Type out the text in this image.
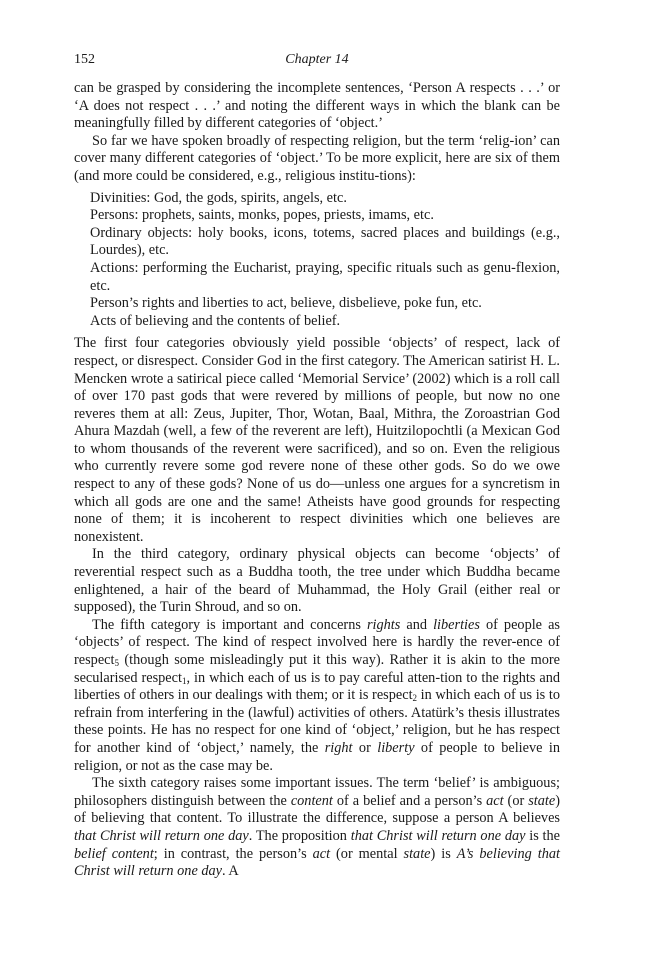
152	Chapter 14

can be grasped by considering the incomplete sentences, ‘Person A respects . . .’ or ‘A does not respect . . .’ and noting the different ways in which the blank can be meaningfully filled by different categories of ‘object.’

So far we have spoken broadly of respecting religion, but the term ‘relig-ion’ can cover many different categories of ‘object.’ To be more explicit, here are six of them (and more could be considered, e.g., religious institu-tions):

Divinities: God, the gods, spirits, angels, etc.
Persons: prophets, saints, monks, popes, priests, imams, etc.
Ordinary objects: holy books, icons, totems, sacred places and buildings (e.g., Lourdes), etc.
Actions: performing the Eucharist, praying, specific rituals such as genu-flexion, etc.
Person’s rights and liberties to act, believe, disbelieve, poke fun, etc.
Acts of believing and the contents of belief.

The first four categories obviously yield possible ‘objects’ of respect, lack of respect, or disrespect. Consider God in the first category. The American satirist H. L. Mencken wrote a satirical piece called ‘Memorial Service’ (2002) which is a roll call of over 170 past gods that were revered by millions of people, but now no one reveres them at all: Zeus, Jupiter, Thor, Wotan, Baal, Mithra, the Zoroastrian God Ahura Mazdah (well, a few of the reverent are left), Huitzilopochtli (a Mexican God to whom thousands of the reverent were sacrificed), and so on. Even the religious who currently revere some god revere none of these other gods. So do we owe respect to any of these gods? None of us do—unless one argues for a syncretism in which all gods are one and the same! Atheists have good grounds for respecting none of them; it is incoherent to respect divinities which one believes are nonexistent.

In the third category, ordinary physical objects can become ‘objects’ of reverential respect such as a Buddha tooth, the tree under which Buddha became enlightened, a hair of the beard of Muhammad, the Holy Grail (either real or supposed), the Turin Shroud, and so on.

The fifth category is important and concerns rights and liberties of people as ‘objects’ of respect. The kind of respect involved here is hardly the rever-ence of respect$_5$ (though some misleadingly put it this way). Rather it is akin to the more secularised respect$_1$, in which each of us is to pay careful atten-tion to the rights and liberties of others in our dealings with them; or it is respect$_2$ in which each of us is to refrain from interfering in the (lawful) activities of others. Atatürk’s thesis illustrates these points. He has no respect for one kind of ‘object,’ religion, but he has respect for another kind of ‘object,’ namely, the right or liberty of people to believe in religion, or not as the case may be.

The sixth category raises some important issues. The term ‘belief’ is ambiguous; philosophers distinguish between the content of a belief and a person’s act (or state) of believing that content. To illustrate the difference, suppose a person A believes that Christ will return one day. The proposition that Christ will return one day is the belief content; in contrast, the person’s act (or mental state) is A’s believing that Christ will return one day. A
